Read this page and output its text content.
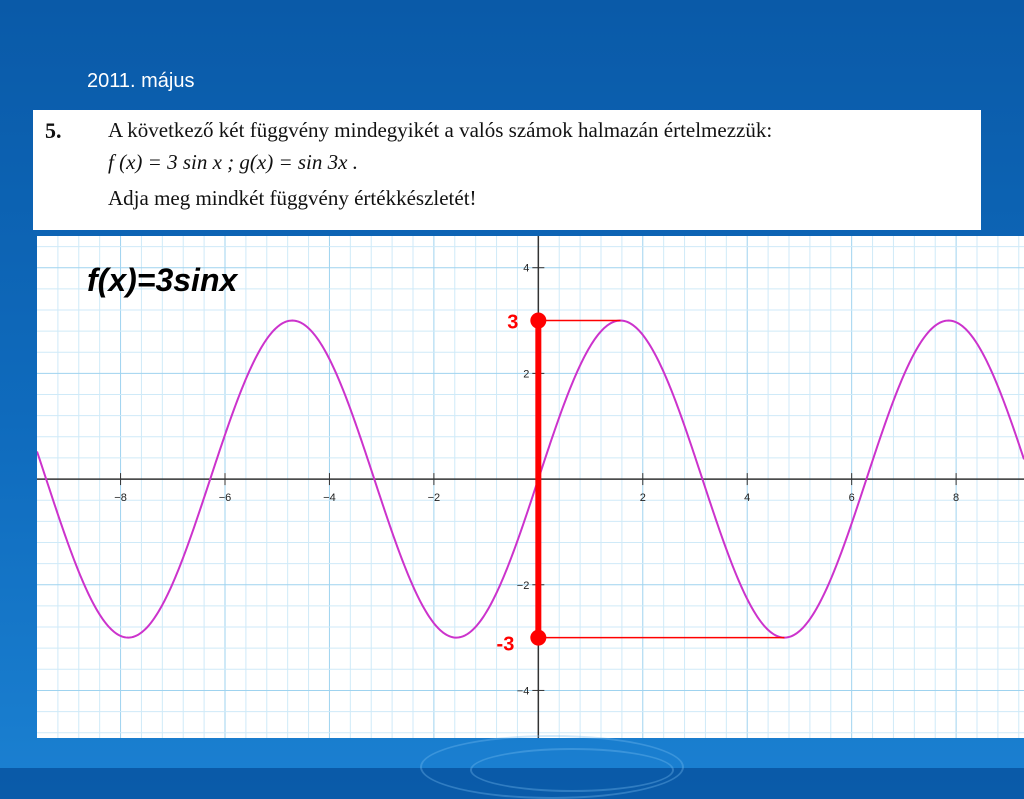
2011. május
5. A következő két függvény mindegyikét a valós számok halmazán értelmezzük:
f (x) = 3 sin x ; g(x) = sin 3x .
Adja meg mindkét függvény értékkészletét!
−8	−6	−4	−2	2	4	6	8
−4
−2
2
4
3
-3
f(x)=3sinx
